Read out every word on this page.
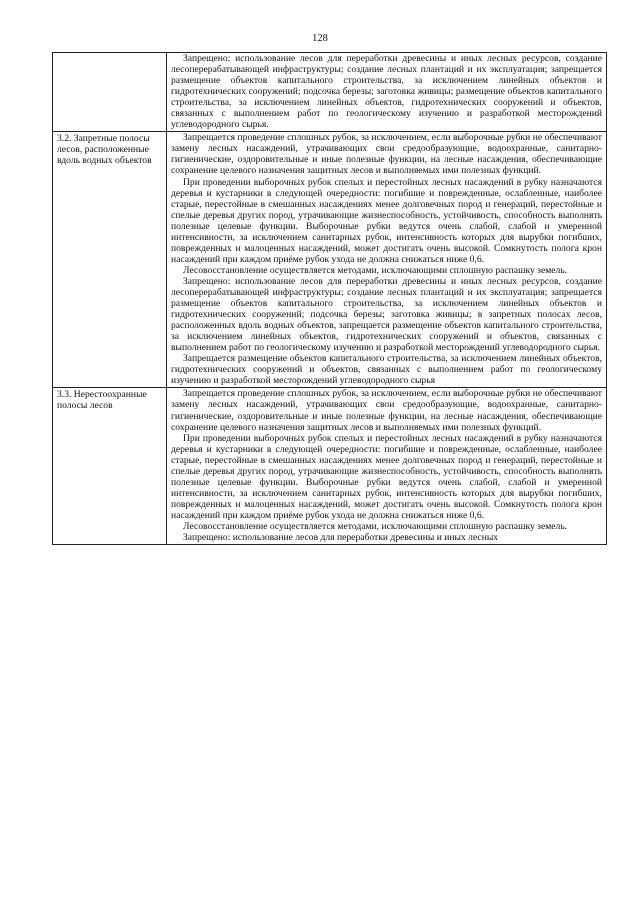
128

	Запрещено: использование лесов для переработки древесины и иных лесных ресурсов, создание лесоперерабатывающей инфраструктуры; создание лесных плантаций и их эксплуатация; запрещается размещение объектов капитального строительства, за исключением линейных объектов и гидротехнических сооружений; подсочка березы; заготовка живицы; размещение объектов капитального строительства, за исключением линейных объектов, гидротехнических сооружений и объектов, связанных с выполнением работ по геологическому изучению и разработкой месторождений углеводородного сырья.

3.2. Запретные полосы лесов, расположенные вдоль водных объектов	Запрещается проведение сплошных рубок, за исключением, если выборочные рубки не обеспечивают замену лесных насаждений, утрачивающих свои средообразующие, водоохранные, санитарно-гигиенические, оздоровительные и иные полезные функции, на лесные насаждения, обеспечивающие сохранение целевого назначения защитных лесов и выполняемых ими полезных функций.

При проведении выборочных рубок спелых и перестойных лесных насаждений в рубку назначаются деревья и кустарники в следующей очередности: погибшие и поврежденные, ослабленные, наиболее старые, перестойные в смешанных насаждениях менее долговечных пород и генераций, перестойные и спелые деревья других пород, утрачивающие жизнеспособность, устойчивость, способность выполнять полезные целевые функции. Выборочные рубки ведутся очень слабой, слабой и умеренной интенсивности, за исключением санитарных рубок, интенсивность которых для вырубки погибших, поврежденных и малоценных насаждений, может достигать очень высокой. Сомкнутость полога крон насаждений при каждом приёме рубок ухода не должна снижаться ниже 0,6.

Лесовосстановление осуществляется методами, исключающими сплошную распашку земель.

Запрещено: использование лесов для переработки древесины и иных лесных ресурсов, создание лесоперерабатывающей инфраструктуры; создание лесных плантаций и их эксплуатация; запрещается размещение объектов капитального строительства, за исключением линейных объектов и гидротехнических сооружений; подсочка березы; заготовка живицы; в запретных полосах лесов, расположенных вдоль водных объектов, запрещается размещение объектов капитального строительства, за исключением линейных объектов, гидротехнических сооружений и объектов, связанных с выполнением работ по геологическому изучению и разработкой месторождений углеводородного сырья.

Запрещается размещение объектов капитального строительства, за исключением линейных объектов, гидротехнических сооружений и объектов, связанных с выполнением работ по геологическому изучению и разработкой месторождений углеводородного сырья

3.3. Нерестоохранные полосы лесов	Запрещается проведение сплошных рубок, за исключением, если выборочные рубки не обеспечивают замену лесных насаждений, утрачивающих свои средообразующие, водоохранные, санитарно-гигиенические, оздоровительные и иные полезные функции, на лесные насаждения, обеспечивающие сохранение целевого назначения защитных лесов и выполняемых ими полезных функций.

При проведении выборочных рубок спелых и перестойных лесных насаждений в рубку назначаются деревья и кустарники в следующей очередности: погибшие и поврежденные, ослабленные, наиболее старые, перестойные в смешанных насаждениях менее долговечных пород и генераций, перестойные и спелые деревья других пород, утрачивающие жизнеспособность, устойчивость, способность выполнять полезные целевые функции. Выборочные рубки ведутся очень слабой, слабой и умеренной интенсивности, за исключением санитарных рубок, интенсивность которых для вырубки погибших, поврежденных и малоценных насаждений, может достигать очень высокой. Сомкнутость полога крон насаждений при каждом приёме рубок ухода не должна снижаться ниже 0,6.

Лесовосстановление осуществляется методами, исключающими сплошную распашку земель.

Запрещено: использование лесов для переработки древесины и иных лесных
